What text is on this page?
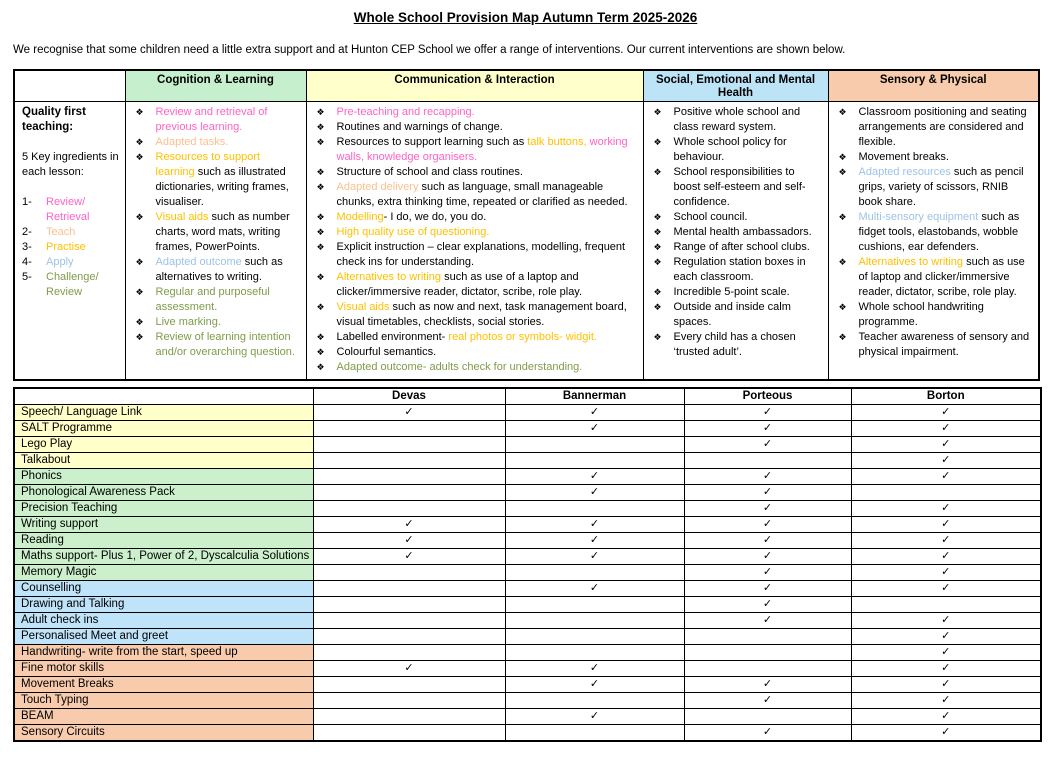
Whole School Provision Map Autumn Term 2025-2026
We recognise that some children need a little extra support and at Hunton CEP School we offer a range of interventions. Our current interventions are shown below.
	Cognition & Learning	Communication & Interaction	Social, Emotional and Mental Health	Sensory & Physical

Quality first teaching:
5 Key ingredients in each lesson:
1-	Review/ Retrieval
2-	Teach
3-	Practise
4-	Apply
5-	Challenge/ Review

❖	Review and retrieval of previous learning.
❖	Adapted tasks.
❖	Resources to support learning such as illustrated dictionaries, writing frames, visualiser.
❖	Visual aids such as number charts, word mats, writing frames, PowerPoints.
❖	Adapted outcome such as alternatives to writing.
❖	Regular and purposeful assessment.
❖	Live marking.
❖	Review of learning intention and/or overarching question.

❖	Pre-teaching and recapping.
❖	Routines and warnings of change.
❖	Resources to support learning such as talk buttons, working walls, knowledge organisers.
❖	Structure of school and class routines.
❖	Adapted delivery such as language, small manageable chunks, extra thinking time, repeated or clarified as needed.
❖	Modelling- I do, we do, you do.
❖	High quality use of questioning.
❖	Explicit instruction – clear explanations, modelling, frequent check ins for understanding.
❖	Alternatives to writing such as use of a laptop and clicker/immersive reader, dictator, scribe, role play.
❖	Visual aids such as now and next, task management board, visual timetables, checklists, social stories.
❖	Labelled environment- real photos or symbols- widgit.
❖	Colourful semantics.
❖	Adapted outcome- adults check for understanding.

❖	Positive whole school and class reward system.
❖	Whole school policy for behaviour.
❖	School responsibilities to boost self-esteem and self-confidence.
❖	School council.
❖	Mental health ambassadors.
❖	Range of after school clubs.
❖	Regulation station boxes in each classroom.
❖	Incredible 5-point scale.
❖	Outside and inside calm spaces.
❖	Every child has a chosen ‘trusted adult’.

❖	Classroom positioning and seating arrangements are considered and flexible.
❖	Movement breaks.
❖	Adapted resources such as pencil grips, variety of scissors, RNIB book share.
❖	Multi-sensory equipment such as fidget tools, elastobands, wobble cushions, ear defenders.
❖	Alternatives to writing such as use of laptop and clicker/immersive reader, dictator, scribe, role play.
❖	Whole school handwriting programme.
❖	Teacher awareness of sensory and physical impairment.
	Devas	Bannerman	Porteous	Borton
Speech/ Language Link	✓	✓	✓	✓
SALT Programme		✓	✓	✓
Lego Play			✓	✓
Talkabout				✓
Phonics		✓	✓	✓
Phonological Awareness Pack		✓	✓	
Precision Teaching			✓	✓
Writing support	✓	✓	✓	✓
Reading	✓	✓	✓	✓
Maths support- Plus 1, Power of 2, Dyscalculia Solutions	✓	✓	✓	✓
Memory Magic			✓	✓
Counselling		✓	✓	✓
Drawing and Talking			✓	
Adult check ins			✓	✓
Personalised Meet and greet				✓
Handwriting- write from the start, speed up				✓
Fine motor skills	✓	✓		✓
Movement Breaks		✓	✓	✓
Touch Typing			✓	✓
BEAM		✓		✓
Sensory Circuits			✓	✓
